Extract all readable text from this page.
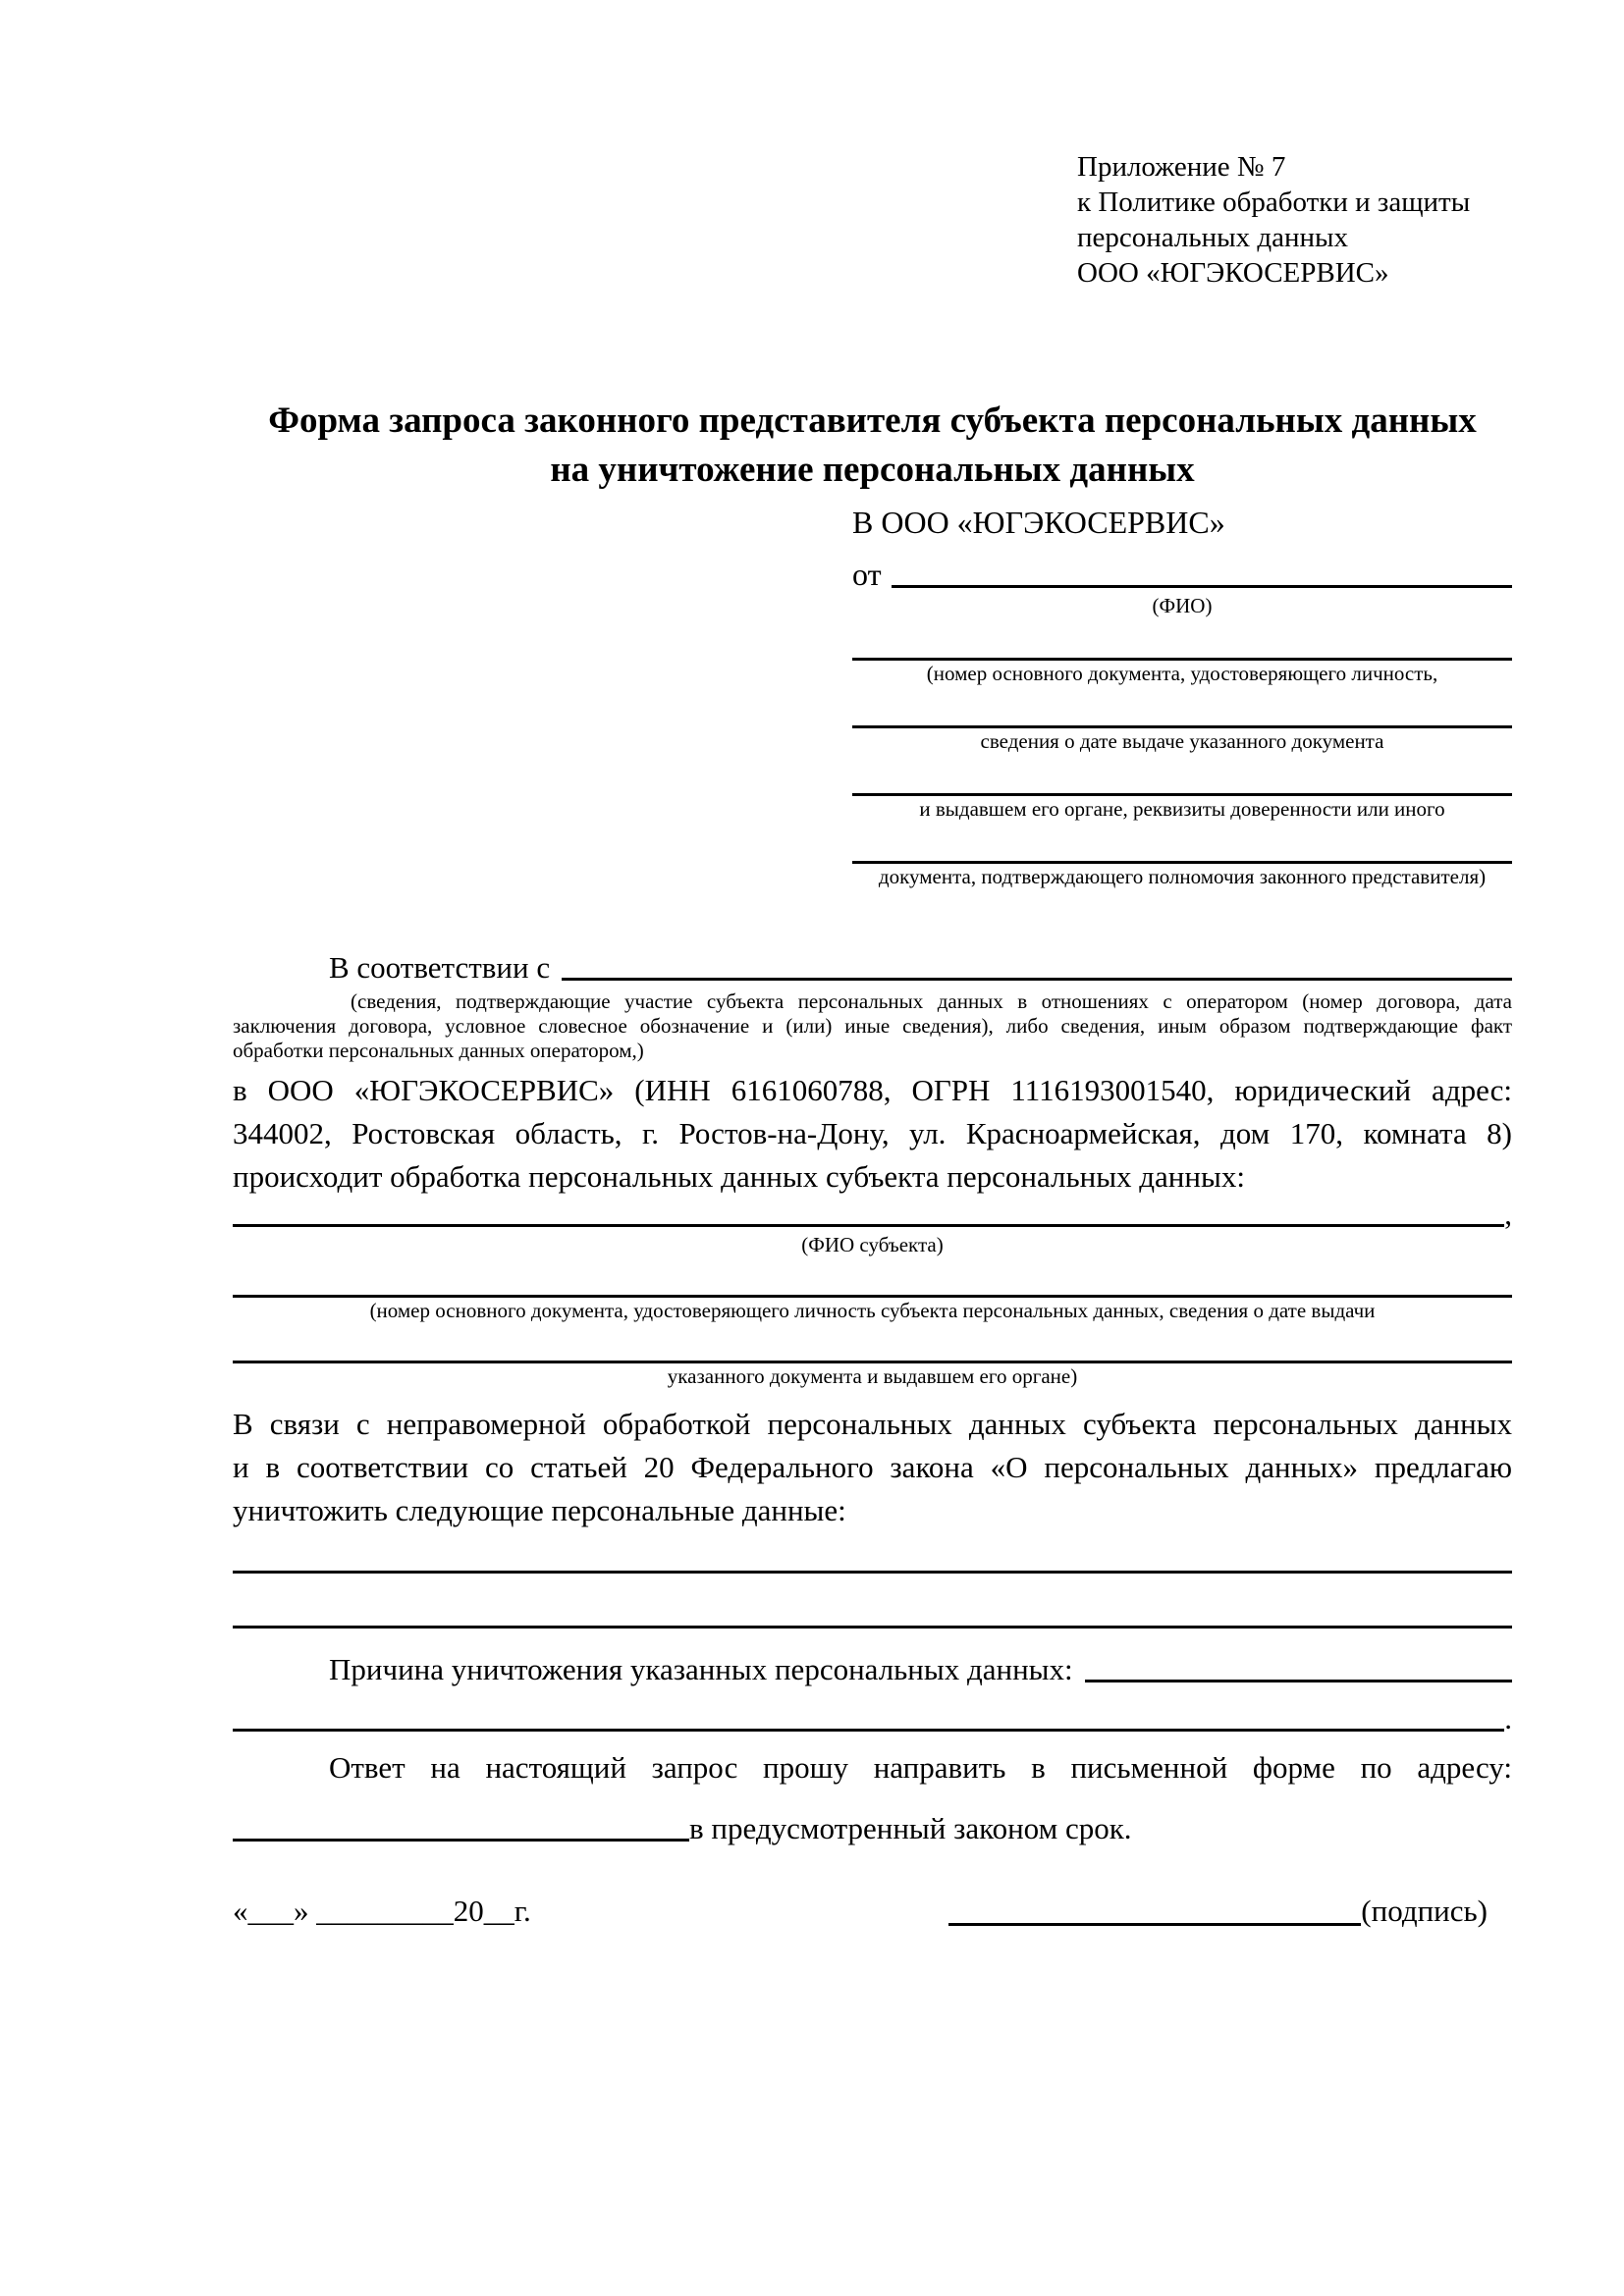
Приложение № 7
к Политике обработки и защиты
персональных данных
ООО «ЮГЭКОСЕРВИС»
Форма запроса законного представителя субъекта персональных данных
на уничтожение персональных данных
В ООО «ЮГЭКОСЕРВИС»
от
(ФИО)
(номер основного документа, удостоверяющего личность,
сведения о дате выдаче указанного документа
и выдавшем его органе, реквизиты доверенности или иного
документа, подтверждающего полномочия законного представителя)
В соответствии с
(сведения, подтверждающие участие субъекта персональных данных в отношениях с оператором (номер договора, дата
заключения договора, условное словесное обозначение и (или) иные сведения), либо сведения, иным образом подтверждающие факт
обработки персональных данных оператором,)
в ООО «ЮГЭКОСЕРВИС» (ИНН 6161060788, ОГРН 1116193001540, юридический адрес:
344002, Ростовская область, г. Ростов-на-Дону, ул. Красноармейская, дом 170, комната 8)
происходит обработка персональных данных субъекта персональных данных:
,
(ФИО субъекта)
(номер основного документа, удостоверяющего личность субъекта персональных данных, сведения о дате выдачи
указанного документа и выдавшем его органе)
В связи с неправомерной обработкой персональных данных субъекта персональных данных
и в соответствии со статьей 20 Федерального закона «О персональных данных» предлагаю
уничтожить следующие персональные данные:
Причина уничтожения указанных персональных данных:
.
Ответ на настоящий запрос прошу направить в письменной форме по адресу:
в предусмотренный законом срок.
«___» _________20__г.	(подпись)
